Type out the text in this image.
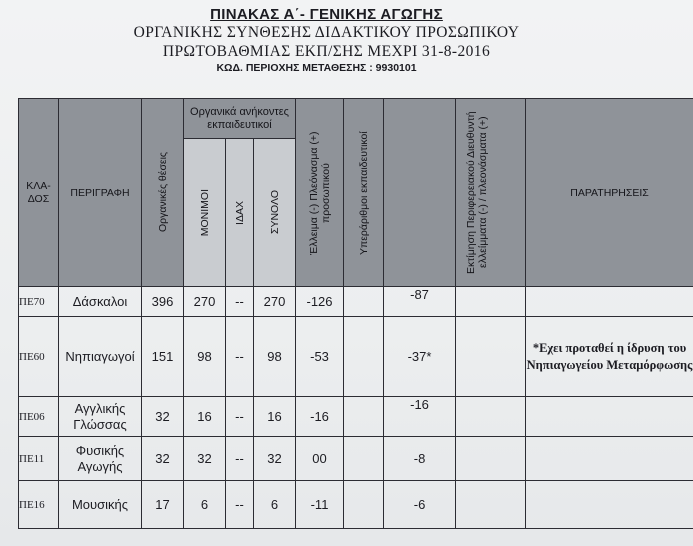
ΠΙΝΑΚΑΣ Α΄- ΓΕΝΙΚΗΣ ΑΓΩΓΗΣ
ΟΡΓΑΝΙΚΗΣ ΣΥΝΘΕΣΗΣ ΔΙΔΑΚΤΙΚΟΥ ΠΡΟΣΩΠΙΚΟΥ
ΠΡΩΤΟΒΑΘΜΙΑΣ ΕΚΠ/ΣΗΣ ΜΕΧΡΙ 31-8-2016
ΚΩΔ. ΠΕΡΙΟΧΗΣ ΜΕΤΑΘΕΣΗΣ : 9930101
ΚΛΑ-ΔΟΣ	ΠΕΡΙΓΡΑΦΗ	Οργανικές θέσεις	Οργανικά ανήκοντες εκπαιδευτικοί			Έλλειμα (-) Πλεόνασμα (+) προσωπικού	Υπεράριθμοι εκπαιδευτικοί		Εκτίμηση Περιφερειακού Διευθυντή ελλείμματα (-) / πλεονάσματα (+)	ΠΑΡΑΤΗΡΗΣΕΙΣ

			ΜΟΝΙΜΟΙ	ΙΔΑΧ	ΣΥΝΟΛΟ					

ΠΕ70	Δάσκαλοι	396	270	--	270	-126		-87		
ΠΕ60	Νηπιαγωγοί	151	98	--	98	-53		-37*		*Εχει προταθεί η ίδρυση του Νηπιαγωγείου Μεταμόρφωσης
ΠΕ06	Αγγλικής Γλώσσας	32	16	--	16	-16		-16		
ΠΕ11	Φυσικής Αγωγής	32	32	--	32	00		-8		
ΠΕ16	Μουσικής	17	6	--	6	-11		-6		
